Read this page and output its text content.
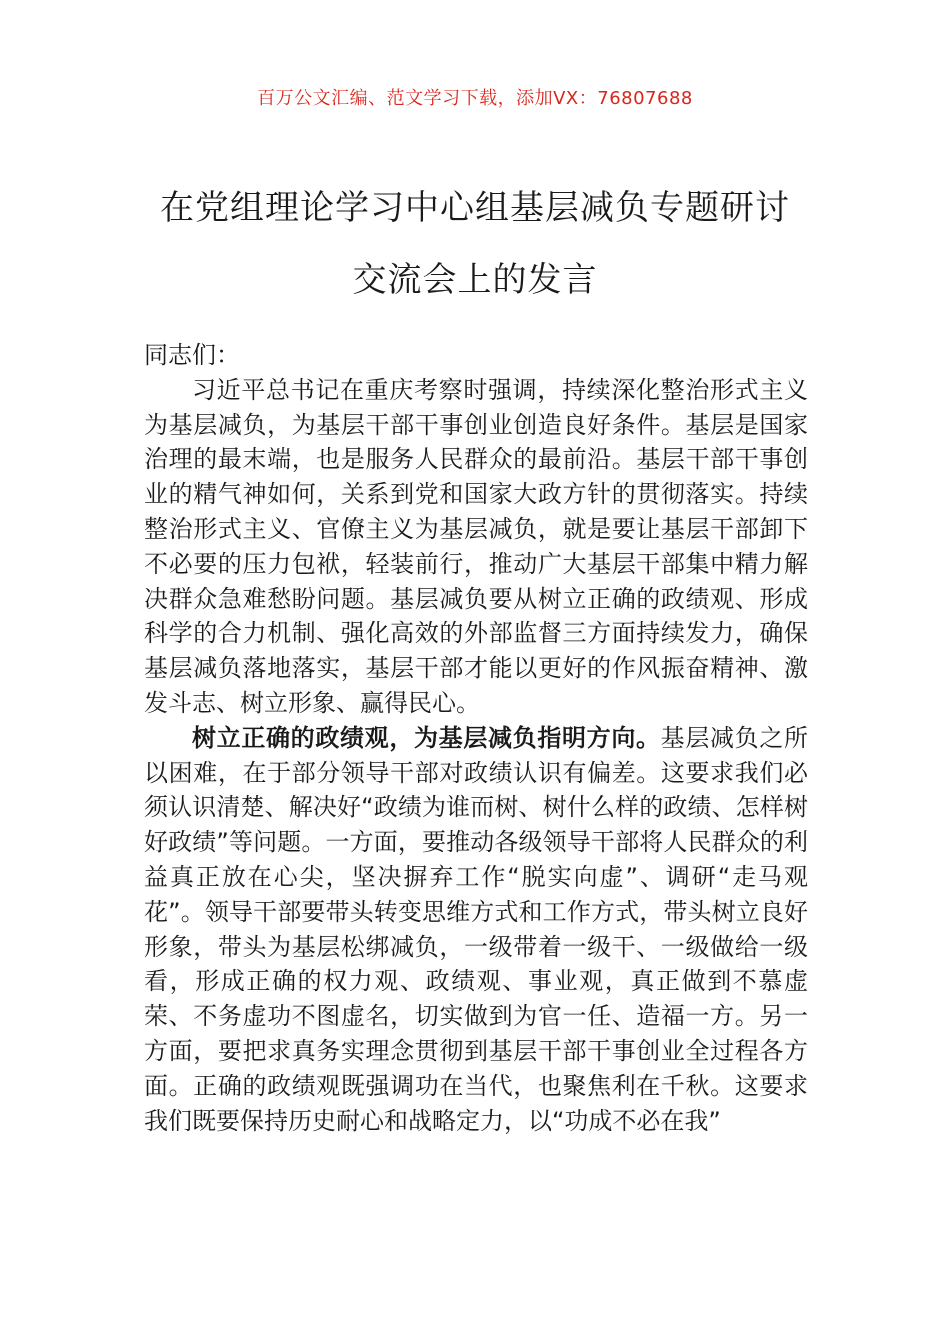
百万公文汇编、范文学习下载，添加VX：76807688
在党组理论学习中心组基层减负专题研讨
交流会上的发言

同志们：

习近平总书记在重庆考察时强调，持续深化整治形式主义为基层减负，为基层干部干事创业创造良好条件。基层是国家治理的最末端，也是服务人民群众的最前沿。基层干部干事创业的精气神如何，关系到党和国家大政方针的贯彻落实。持续整治形式主义、官僚主义为基层减负，就是要让基层干部卸下不必要的压力包袱，轻装前行，推动广大基层干部集中精力解决群众急难愁盼问题。基层减负要从树立正确的政绩观、形成科学的合力机制、强化高效的外部监督三方面持续发力，确保基层减负落地落实，基层干部才能以更好的作风振奋精神、激发斗志、树立形象、赢得民心。

树立正确的政绩观，为基层减负指明方向。基层减负之所以困难，在于部分领导干部对政绩认识有偏差。这要求我们必须认识清楚、解决好“政绩为谁而树、树什么样的政绩、怎样树好政绩”等问题。一方面，要推动各级领导干部将人民群众的利益真正放在心尖，坚决摒弃工作“脱实向虚”、调研“走马观花”。领导干部要带头转变思维方式和工作方式，带头树立良好形象，带头为基层松绑减负，一级带着一级干、一级做给一级看，形成正确的权力观、政绩观、事业观，真正做到不慕虚荣、不务虚功不图虚名，切实做到为官一任、造福一方。另一方面，要把求真务实理念贯彻到基层干部干事创业全过程各方面。正确的政绩观既强调功在当代，也聚焦利在千秋。这要求我们既要保持历史耐心和战略定力，以“功成不必在我”
